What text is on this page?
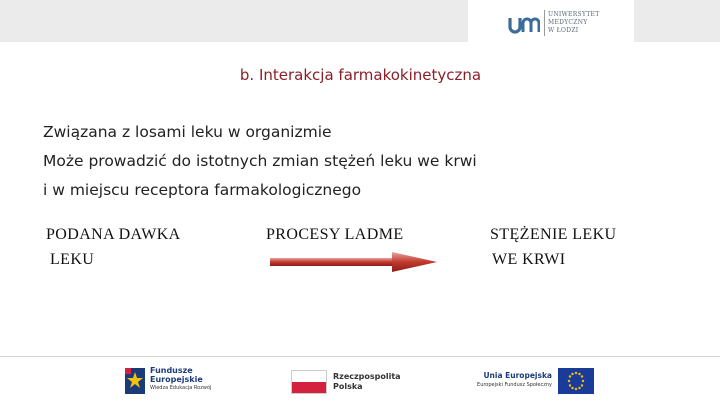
UNIWERSYTET
MEDYCZNY
W ŁODZI
b. Interakcja farmakokinetyczna
Związana z losami leku w organizmie
Może prowadzić do istotnych zmian stężeń leku we krwi
i w miejscu receptora farmakologicznego
PODANA DAWKA
LEKU
PROCESY LADME	STĘŻENIE LEKU
WE KRWI
Fundusze
Europejskie
Wiedza Edukacja Rozwój
Rzeczpospolita
Polska
Unia Europejska
Europejski Fundusz Społeczny
